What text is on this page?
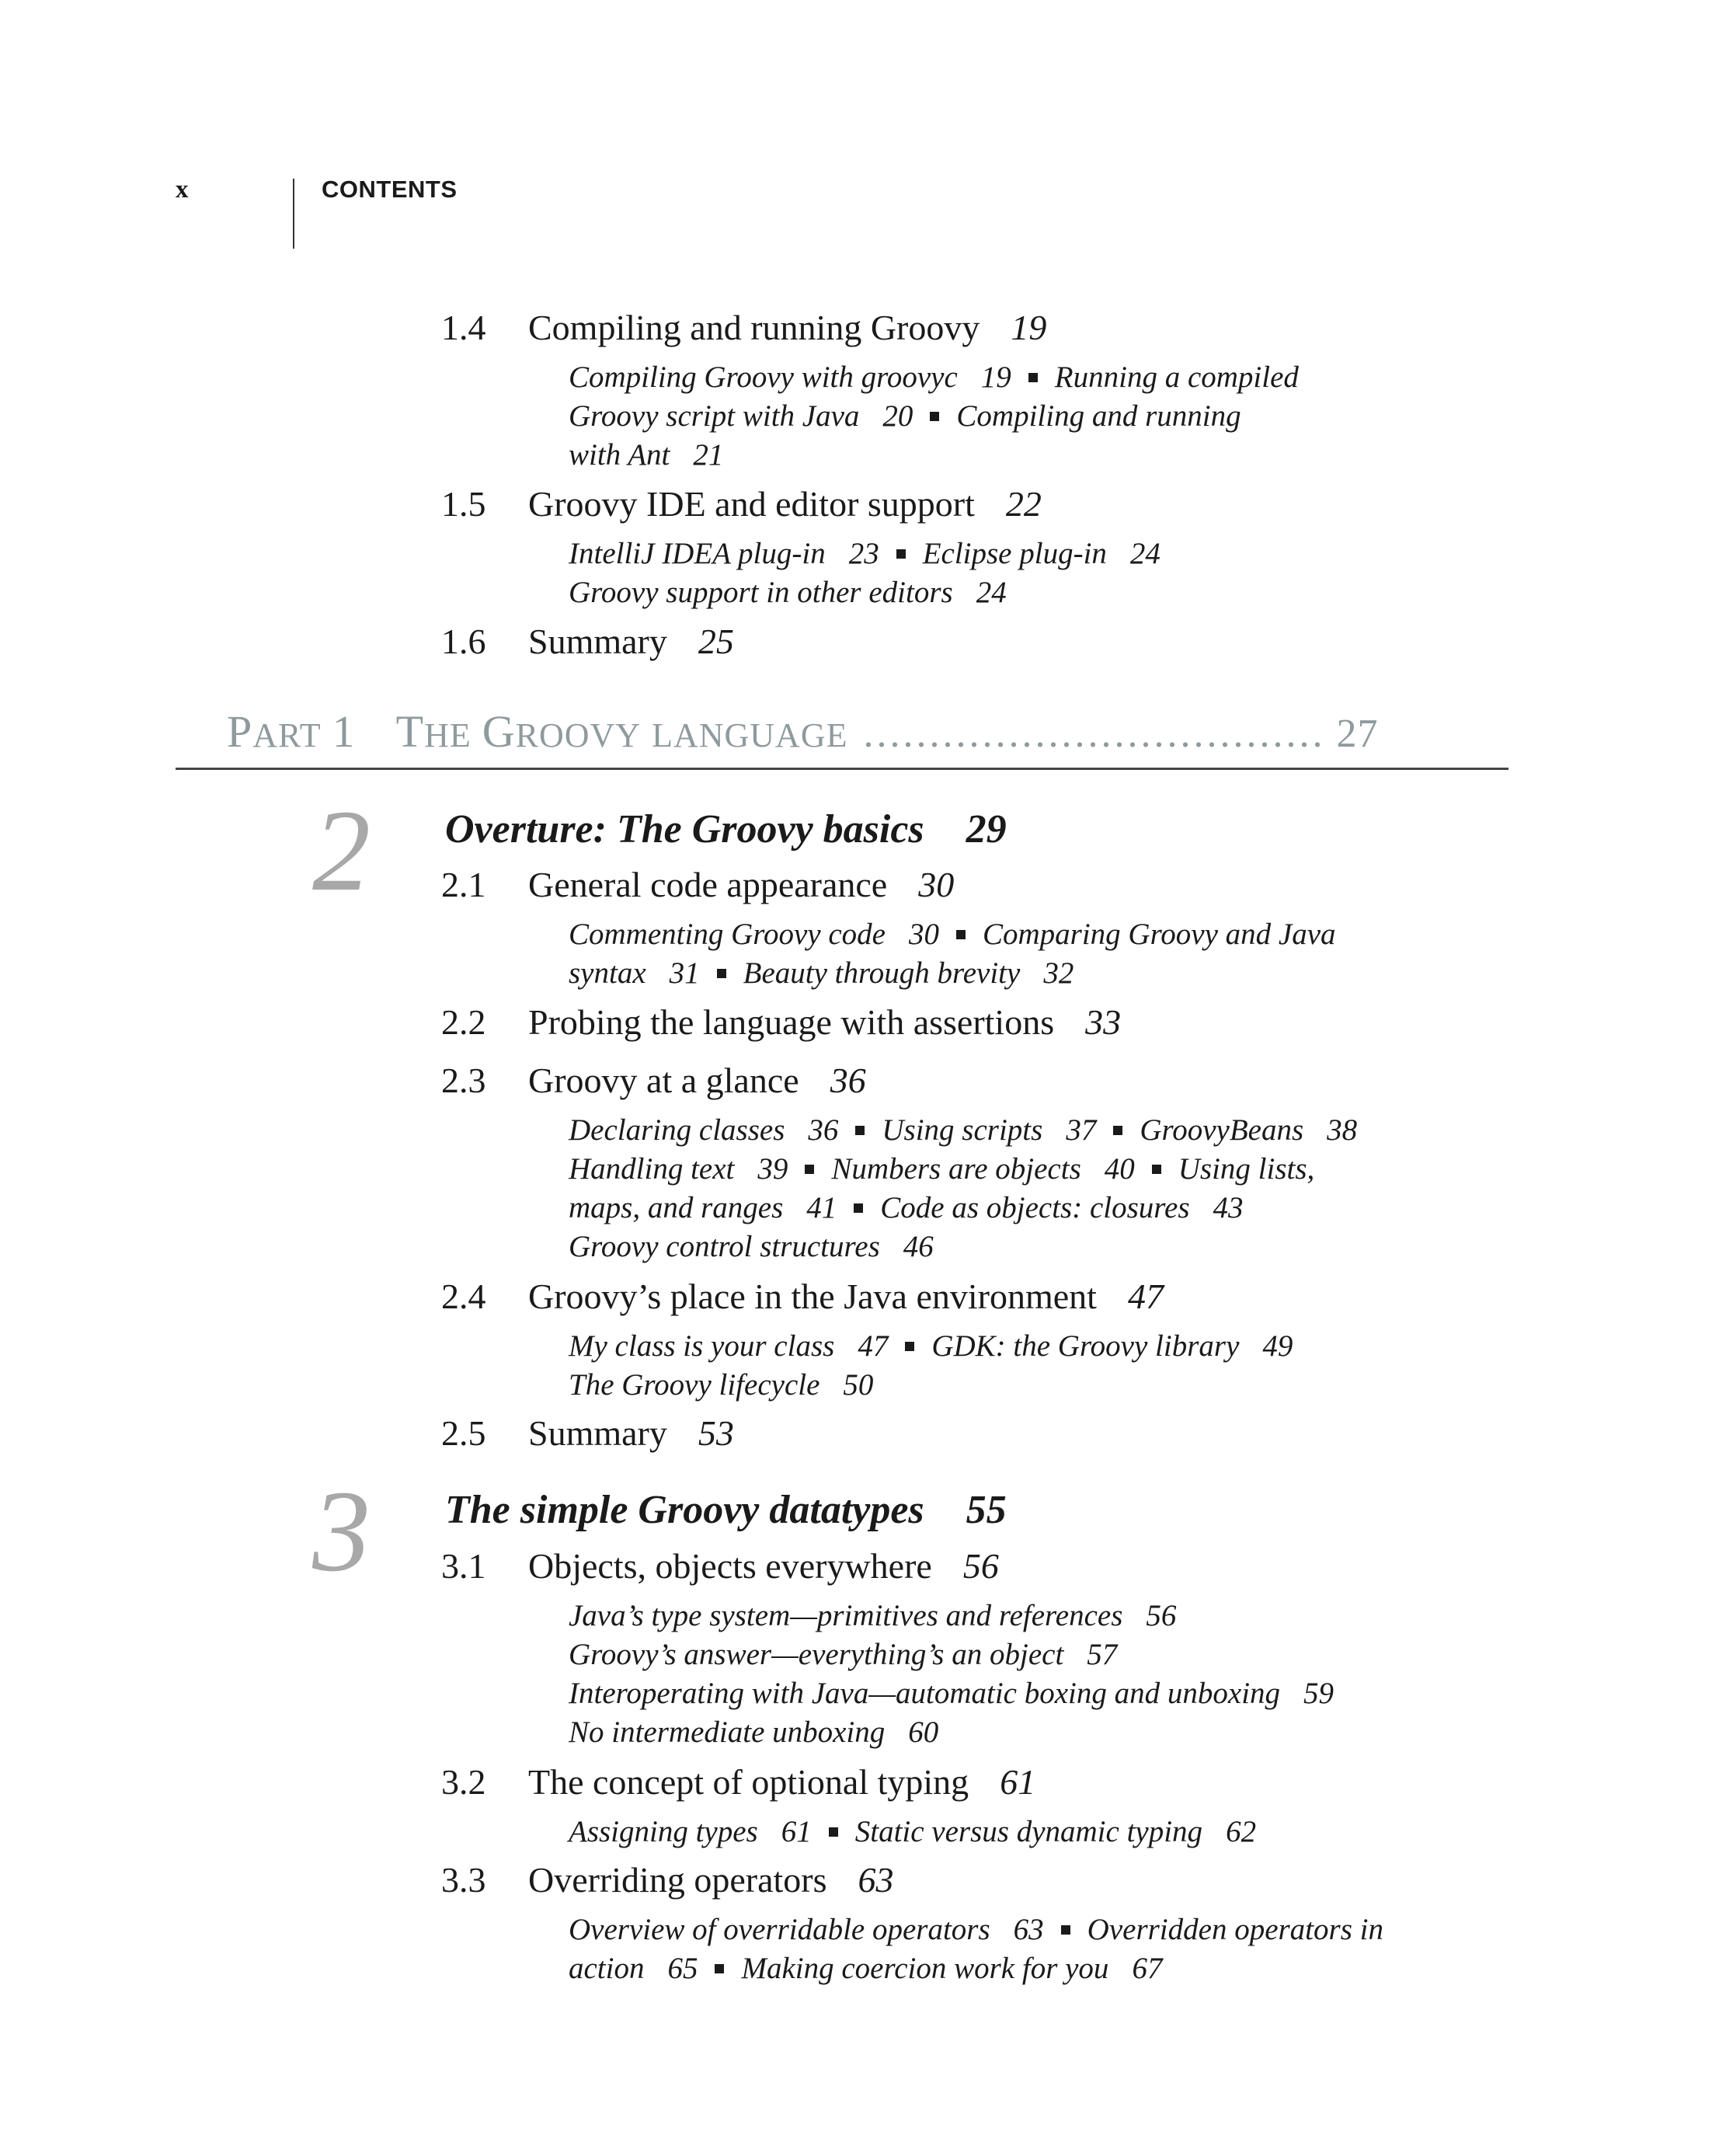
x	CONTENTS
1.4 Compiling and running Groovy 19
Compiling Groovy with groovyc 19 Running a compiled
Groovy script with Java 20 Compiling and running
with Ant 21
1.5 Groovy IDE and editor support 22
IntelliJ IDEA plug-in 23 Eclipse plug-in 24
Groovy support in other editors 24
1.6 Summary 25
PART 1 THE GROOVY LANGUAGE ................................... 27
2 Overture: The Groovy basics 29
2.1 General code appearance 30
Commenting Groovy code 30 Comparing Groovy and Java
syntax 31 Beauty through brevity 32
2.2 Probing the language with assertions 33
2.3 Groovy at a glance 36
Declaring classes 36 Using scripts 37 GroovyBeans 38
Handling text 39 Numbers are objects 40 Using lists,
maps, and ranges 41 Code as objects: closures 43
Groovy control structures 46
2.4 Groovy’s place in the Java environment 47
My class is your class 47 GDK: the Groovy library 49
The Groovy lifecycle 50
2.5 Summary 53
3 The simple Groovy datatypes 55
3.1 Objects, objects everywhere 56
Java’s type system—primitives and references 56
Groovy’s answer—everything’s an object 57
Interoperating with Java—automatic boxing and unboxing 59
No intermediate unboxing 60
3.2 The concept of optional typing 61
Assigning types 61 Static versus dynamic typing 62
3.3 Overriding operators 63
Overview of overridable operators 63 Overridden operators in
action 65 Making coercion work for you 67
